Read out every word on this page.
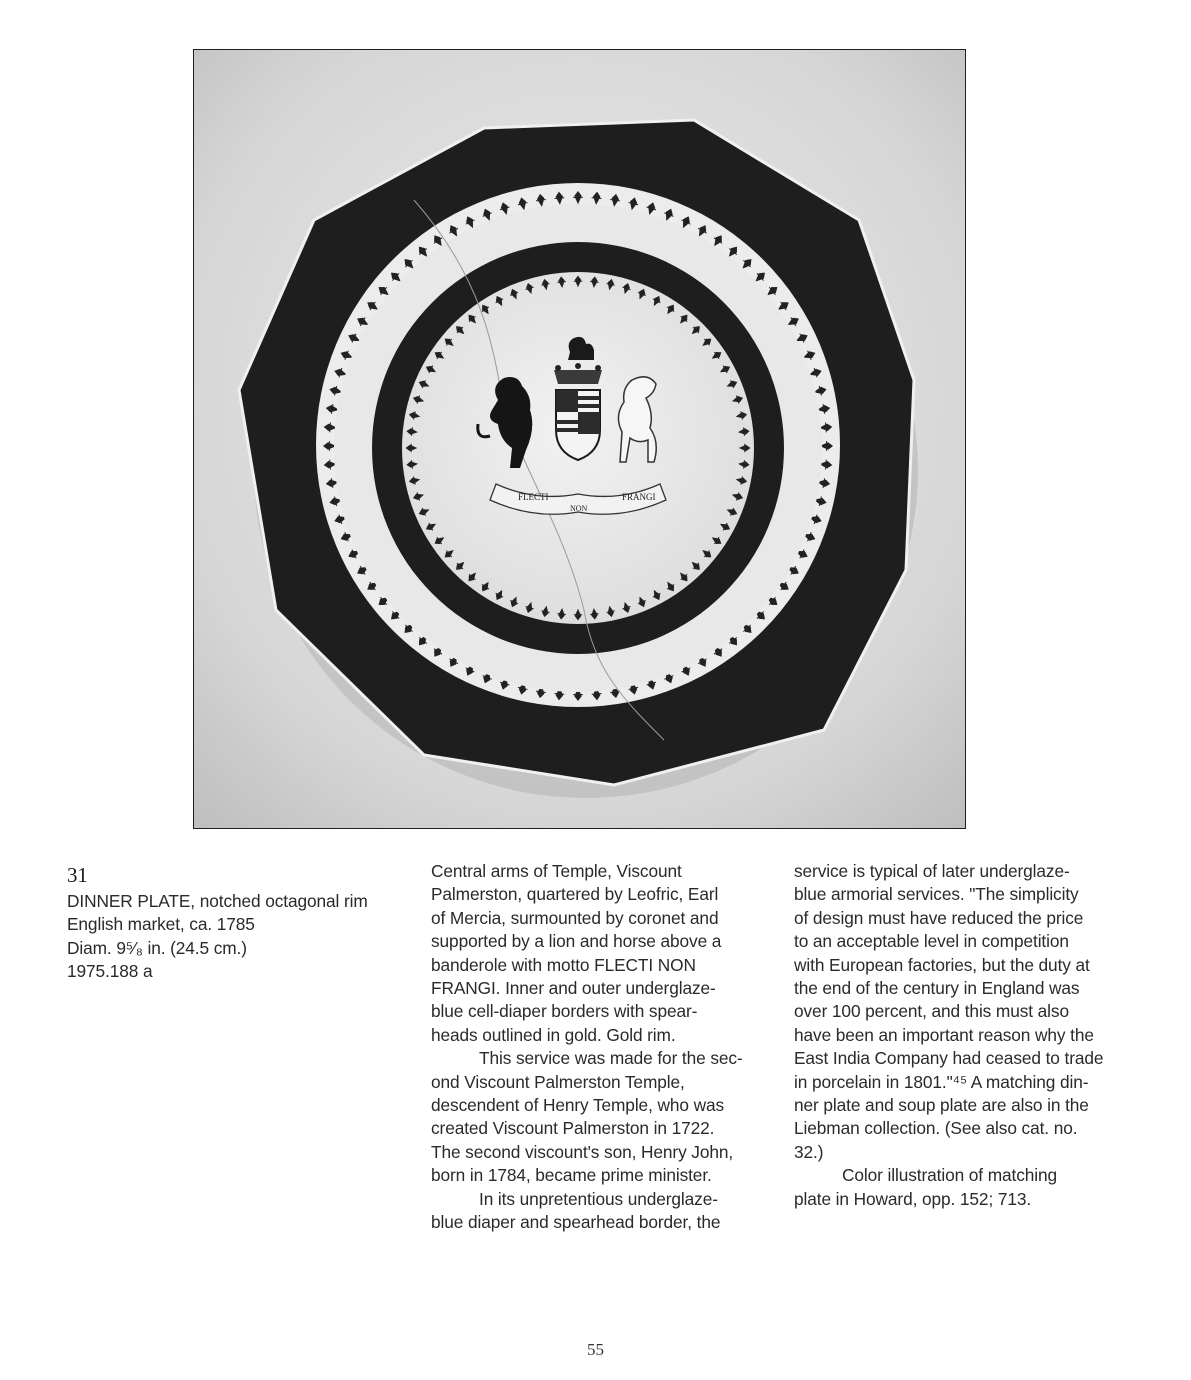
FLECTI
NON
FRANGI
31
DINNER PLATE, notched octagonal rim
English market, ca. 1785
Diam. 9⁵⁄₈ in. (24.5 cm.)
1975.188 a
Central arms of Temple, Viscount
Palmerston, quartered by Leofric, Earl
of Mercia, surmounted by coronet and
supported by a lion and horse above a
banderole with motto FLECTI NON
FRANGI. Inner and outer underglaze-
blue cell-diaper borders with spear-
heads outlined in gold. Gold rim.
This service was made for the sec-
ond Viscount Palmerston Temple,
descendent of Henry Temple, who was
created Viscount Palmerston in 1722.
The second viscount's son, Henry John,
born in 1784, became prime minister.
In its unpretentious underglaze-
blue diaper and spearhead border, the
service is typical of later underglaze-
blue armorial services. "The simplicity
of design must have reduced the price
to an acceptable level in competition
with European factories, but the duty at
the end of the century in England was
over 100 percent, and this must also
have been an important reason why the
East India Company had ceased to trade
in porcelain in 1801."⁴⁵ A matching din-
ner plate and soup plate are also in the
Liebman collection. (See also cat. no.
32.)
Color illustration of matching
plate in Howard, opp. 152; 713.
55
